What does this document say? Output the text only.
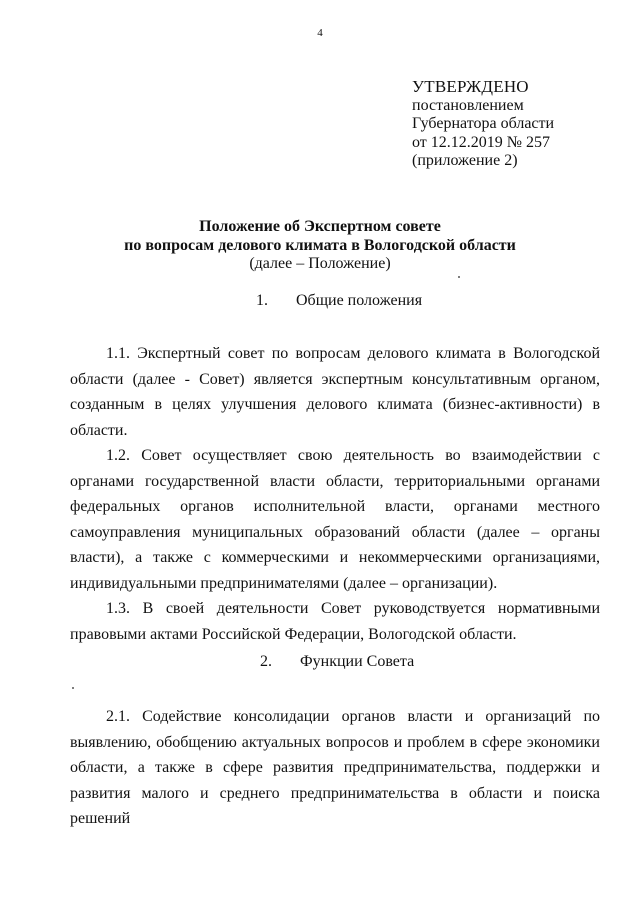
4
УТВЕРЖДЕНО
постановлением
Губернатора области
от 12.12.2019 № 257
(приложение 2)
Положение об Экспертном совете
по вопросам делового климата в Вологодской области
(далее – Положение)
1. Общие положения

1.1. Экспертный совет по вопросам делового климата в Вологодской области (далее - Совет) является экспертным консультативным органом, созданным в целях улучшения делового климата (бизнес-активности) в области.

1.2. Совет осуществляет свою деятельность во взаимодействии с органами государственной власти области, территориальными органами федеральных органов исполнительной власти, органами местного самоуправления муниципальных образований области (далее – органы власти), а также с коммерческими и некоммерческими организациями, индивидуальными предпринимателями (далее – организации).

1.3. В своей деятельности Совет руководствуется нормативными правовыми актами Российской Федерации, Вологодской области.

2. Функции Совета

2.1. Содействие консолидации органов власти и организаций по выявлению, обобщению актуальных вопросов и проблем в сфере экономики области, а также в сфере развития предпринимательства, поддержки и развития малого и среднего предпринимательства в области и поиска решений
